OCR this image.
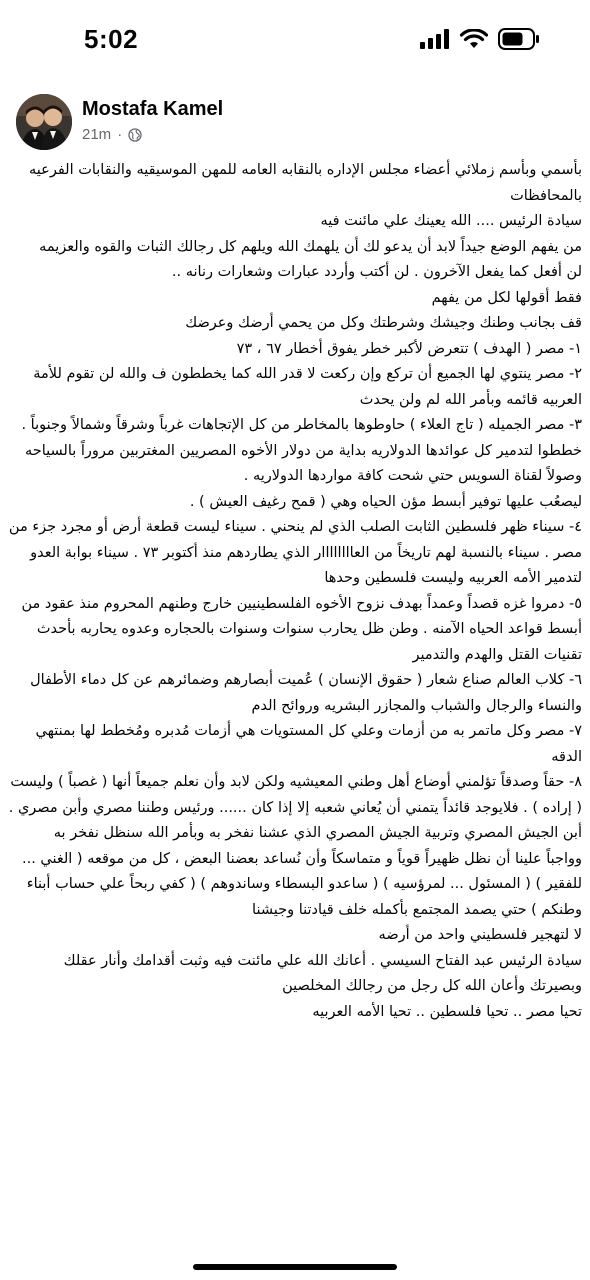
5:02
Mostafa Kamel
21m ·

بأسمي وبأسم زملائي أعضاء مجلس الإداره بالنقابه العامه للمهن الموسيقيه والنقابات الفرعيه بالمحافظات

سيادة الرئيس .... الله يعينك علي مائنت فيه

من يفهم الوضع جيداً لابد أن يدعو لك أن يلهمك الله ويلهم كل رجالك الثبات والقوه والعزيمه

لن أفعل كما يفعل الآخرون . لن أكتب وأردد عبارات وشعارات رنانه ..

فقط أقولها لكل من يفهم

قف بجانب وطنك وجيشك وشرطتك وكل من يحمي أرضك وعرضك

١- مصر ( الهدف ) تتعرض لأكبر خطر يفوق أخطار ٦٧ ، ٧٣

٢- مصر ينتوي لها الجميع أن تركع وإن ركعت لا قدر الله كما يخططون ف والله لن تقوم للأمة العربيه قائمه وبأمر الله لم ولن يحدث

٣- مصر الجميله ( تاج العلاء ) حاوطوها بالمخاطر من كل الإتجاهات غرباً وشرقاً وشمالاً وجنوباً .

خططوا لتدمير كل عوائدها الدولاريه بداية من دولار الأخوه المصريين المغتربين مروراً بالسياحه وصولاً لقناة السويس حتي شحت كافة مواردها الدولاريه .

ليصعُب عليها توفير أبسط مؤن الحياه وهي ( قمح رغيف العيش ) .

٤- سيناء ظهر فلسطين الثابت الصلب الذي لم ينحني . سيناء ليست قطعة أرض أو مجرد جزء من مصر . سيناء بالنسبة لهم تاريخاً من العاااااااار الذي يطاردهم منذ أكتوبر ٧٣ . سيناء بوابة العدو لتدمير الأمه العربيه وليست فلسطين وحدها

٥- دمروا غزه قصداً وعمداً بهدف نزوح الأخوه الفلسطينيين خارج وطنهم المحروم منذ عقود من أبسط قواعد الحياه الآمنه . وطن ظل يحارب سنوات وسنوات بالحجاره وعدوه يحاربه بأحدث تقنيات القتل والهدم والتدمير

٦- كلاب العالم صناع شعار ( حقوق الإنسان ) عُميت أبصارهم وضمائرهم عن كل دماء الأطفال والنساء والرجال والشباب والمجازر البشريه وروائح الدم

٧- مصر وكل ماتمر به من أزمات وعلي كل المستويات هي أزمات مُدبره ومُخطط لها بمنتهي الدقه

٨- حقاً وصدقاً تؤلمني أوضاع أهل وطني المعيشيه ولكن لابد وأن نعلم جميعاً أنها ( غصباً ) وليست ( إراده ) . فلايوجد قائداً يتمني أن يُعاني شعبه إلا إذا كان ...... ورئيس وطننا مصري وأبن مصري . أبن الجيش المصري وتربية الجيش المصري الذي عشنا نفخر به وبأمر الله سنظل نفخر به

وواجباً علينا أن نظل ظهيراً قوياً و متماسكاً وأن نُساعد بعضنا البعض ، كل من موقعه ( الغني ... للفقير ) ( المسئول ... لمرؤسيه ) ( ساعدو البسطاء وساندوهم ) ( كفي ربحاً علي حساب أبناء وطنكم ) حتي يصمد المجتمع بأكمله خلف قيادتنا وجيشنا

لا لتهجير فلسطيني واحد من أرضه

سيادة الرئيس عبد الفتاح السيسي . أعانك الله علي مائنت فيه وثبت أقدامك وأنار عقلك وبصيرتك وأعان الله كل رجل من رجالك المخلصين

تحيا مصر .. تحيا فلسطين .. تحيا الأمه العربيه
